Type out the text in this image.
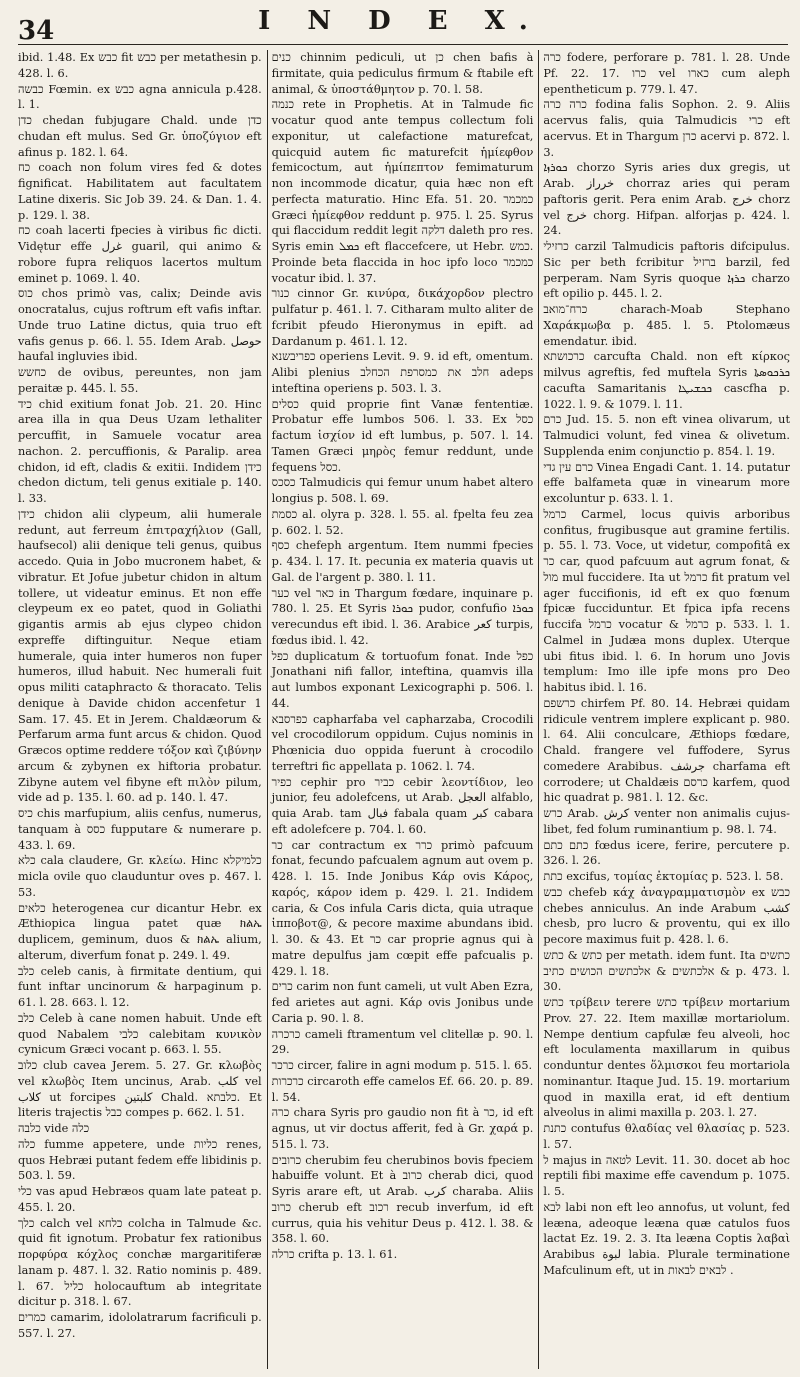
34	I N D E X.

ibid. 1.48. Ex כבש fit כבש per metathesin p. 428. l. 6.

כבשה Fœmin. ex כבש agna annicula p.428. l. 1.

כדן chedan fubjugare Chald. unde כדן chudan eft mulus. Sed Gr. ὑποζύγιον eft afinus p. 182. l. 64.

כח coach non folum vires fed & dotes fignificat. Habilitatem aut facultatem Latine dixeris. Sic Job 39. 24. & Dan. 1. 4. p. 129. l. 38.

כח coah lacerti fpecies à viribus fic dicti. Vidętur effe غرل guaril, qui animo & robore fupra reliquos lacertos multum eminet p. 1069. l. 40.

כוס chos primò vas, calix; Deinde avis onocratalus, cujus roftrum eft vafis inftar. Unde truo Latine dictus, quia truo eft vafis genus p. 66. l. 55. Idem Arab. حوصل haufal ingluvies ibid.

כחשש de ovibus, pereuntes, non jam peraitæ p. 445. l. 55.

כיד chid exitium fonat Job. 21. 20. Hinc area illa in qua Deus Uzam lethaliter percuffit, in Samuele vocatur area nachon. 2. percuffionis, & Paralip. area chidon, id eft, cladis & exitii. Indidem כידן chedon dictum, teli genus exitiale p. 140. l. 33.

כידן chidon alii clypeum, alii humerale redunt, aut ferreum ἐπιτραχήλιον (Gall, haufsecol) alii denique teli genus, quibus accedo. Quia in Jobo mucronem habet, & vibratur. Et Jofue jubetur chidon in altum tollere, ut videatur eminus. Et non effe cleypeum ex eo patet, quod in Goliathi gigantis armis ab ejus clypeo chidon expreffe diftinguitur. Neque etiam humerale, quia inter humeros non fuper humeros, illud habuit. Nec humerali fuit opus militi cataphracto & thoracato. Telis denique à Davide chidon accenfetur 1 Sam. 17. 45. Et in Jerem. Chaldæorum & Perfarum arma funt arcus & chidon. Quod Græcos optime reddere τόξον καὶ ζιβύνην arcum & zybynen ex hiftoria probatur. Zibyne autem vel fibyne eft πιλὸν pilum, vide ad p. 135. l. 60. ad p. 140. l. 47.

כיס chis marfupium, aliis cenfus, numerus, tanquam à כסס fupputare & numerare p. 433. l. 69.

כלא cala claudere, Gr. κλείω. Hinc כלמיקלא micla ovile quo clauduntur oves p. 467. l. 53.

כלאים heterogenea cur dicantur Hebr. ex Æthiopica lingua patet quæ ክልኤ duplicem, geminum, duos & ክልኤ alium, alterum, diverfum fonat p. 249. l. 49.

כלב celeb canis, à firmitate dentium, qui funt inftar uncinorum & harpaginum p. 61. l. 28. 663. l. 12.

כלב Celeb à cane nomen habuit. Unde eft quod Nabalem כלבי calebitam κυνικὸν cynicum Græci vocant p. 663. l. 55.

כלוב club cavea Jerem. 5. 27. Gr. κλωβὸς vel κλωβὸς Item uncinus, Arab. كلب vel كلاب ut forcipes كلبتين Chald. כלבתא. Et literis trajectis כבל compes p. 662. l. 51.

כלבה vide כלה

כלה fumme appetere, unde כליות renes, quos Hebræi putant fedem effe libidinis p. 503. l. 59.

כלי vas apud Hebræos quam late pateat p. 455. l. 20.

כלך calch vel כלחא colcha in Talmude &c. quid fit ignotum. Probatur fex rationibus πορφύρα κόχλος conchæ margaritiferæ lanam p. 487. l. 32. Ratio nominis p. 489. l. 67. כליל holocauftum ab integritate dicitur p. 318. l. 67.

כמרים camarim, idololatrarum facrificuli p. 557. l. 27.

כנים chinnim pediculi, ut כן chen bafis à firmitate, quia pediculus firmum & ftabile eft animal, & ὑποστάθμητον p. 70. l. 58.

כנמה rete in Prophetis. At in Talmude fic vocatur quod ante tempus collectum foli exponitur, ut calefactione maturefcat, quicquid autem fic maturefcit ἡμίεφθον femicoctum, aut ἡμίπεπτον femimaturum non incommode dicatur, quia hæc non eft perfecta maturatio. Hinc Efa. 51. 20. כמכמר Græci ἡμίεφθον reddunt p. 975. l. 25. Syrus qui flaccidum reddit legit דלקה daleth pro res. Syris emin ܟܡܠ eft flaccefcere, ut Hebr. כמש. Proinde beta flaccida in hoc ipfo loco כמכמר vocatur ibid. l. 37.

כנור cinnor Gr. κινύρα, δικάχορδον plectro pulfatur p. 461. l. 7. Citharam multo aliter de fcribit pfeudo Hieronymus in epift. ad Dardanum p. 461. l. 12.

כפריבשנא operiens Levit. 9. 9. id eft, omentum. Alibi plenius חלב את כמסרפת הכחלב adeps inteftina operiens p. 503. l. 3.

כסלים quid proprie fint Vanæ fententiæ. Probatur effe lumbos 506. l. 33. Ex כסל factum ἰσχίον id eft lumbus, p. 507. l. 14. Tamen Græci μηρὸς femur reddunt, unde fequens כסל.

כסכס Talmudicis qui femur unum habet alterо longius p. 508. l. 69.

כסמת al. olyra p. 328. l. 55. al. fpelta feu zea p. 602. l. 52.

כסף chefeph argentum. Item nummi fpecies p. 434. l. 17. It. pecunia ex materia quavis ut Gal. de l'argent p. 380. l. 11.

כער vel כאר in Thargum fœdare, inquinare p. 780. l. 25. Et Syris ܟܘܪܐ pudor, confufio ܟܘܪܐ verecundus eft ibid. l. 36. Arabice كعر turpis, fœdus ibid. l. 42.

כפל duplicatum & tortuofum fonat. Inde כפל Jonathani nifi fallor, inteftina, quamvis illa aut lumbos exponant Lexicographi p. 506. l. 44.

כפרסבא capharfaba vel capharzaba, Crocodili vel crocodilorum oppidum. Cujus nominis in Phœnicia duo oppida fuerunt à crocodilo terreftri fic appellata p. 1062. l. 74.

כפיר cephir pro כביר cebir λεοντίδιον, leo junior, feu adolefcens, ut Arab. العجل alfablo, quia Arab. tam فبال fabala quam كبر cabara eft adolefcere p. 704. l. 60.

כר car contractum ex כרר primò pafcuum fonat, fecundo pafcualem agnum aut ovem p. 428. l. 15. Inde Jonibus Κάρ ovis Κάρος, καρός, κάρον idem p. 429. l. 21. Indidem caria, & Cos infula Caris dicta, quia utraque ἰπποβοτ@, & pecore maxime abundans ibid. l. 30. & 43. Et כר car proprie agnus qui à matre depulfus jam cœpit effe pafcualis p. 429. l. 18.

כרים carim non funt cameli, ut vult Aben Ezra, fed arietes aut agni. Κάρ ovis Jonibus unde Caria p. 90. l. 8.

כרכרה cameli ftramentum vel clitellæ p. 90. l. 29.

כרכר circer, falire in agni modum p. 515. l. 65.

כרכרות circaroth effe camelos Ef. 66. 20. p. 89. l. 54.

כרה chara Syris pro gaudio non fit à כר, id eft agnus, ut vir doctus afferit, fed à Gr. χαρά p. 515. l. 73.

כרובים cherubim feu cherubinos bovis fpeciem habuiffe volunt. Et à כרוב cherab dici, quod Syris arare eft, ut Arab. كرب charaba. Aliis כרוב cherub eft רכוב recub inverfum, id eft currus, quia his vehitur Deus p. 412. l. 38. & 358. l. 60.

כרלה crifta p. 13. l. 61.

כרה fodere, perforare p. 781. l. 28. Unde Pf. 22. 17. כרו vel כארו cum aleph epentheticum p. 779. l. 47.

כרה כרה fodina falis Sophon. 2. 9. Aliis acervus falis, quia Talmudicis כרי eft acervus. Et in Thargum כרן acervi p. 872. l. 3.

ܟܘܪܙܐ chorzo Syris aries dux gregis, ut Arab. خرراز chorraz aries qui peram paftoris gerit. Pera enim Arab. خرج chorz vel خرج chorg. Hifpan. alforjas p. 424. l. 24.

כרזילי carzil Talmudicis paftoris difcipulus. Sic per beth fcribitur ברזיל barzil, fed perperam. Nam Syris quoque ܟܪܙܐ charzo eft opilio p. 445. l. 2.

כרח־מואב charach-Moab Stephano Χαράκμωβα p. 485. l. 5. Ptolomæus emendatur. ibid.

כרכושתא carcufta Chald. non eft κίρκος milvus agreftis, fed muftela Syris ܟܪܟܘܣܬܐ cacufta Samaritanis ܟܟܫܝܛܐ cascfha p. 1022. l. 9. & 1079. l. 11.

כרם Jud. 15. 5. non eft vinea olivarum, ut Talmudici volunt, fed vinea & olivetum. Supplenda enim conjunctio p. 854. l. 19.

כרם עין גדי Vinea Engadi Cant. 1. 14. putatur effe balfameta quæ in vinearum more excoluntur p. 633. l. 1.

כרמל Carmel, locus quivis arboribus confitus, frugibusque aut gramine fertilis. p. 55. l. 73. Voce, ut videtur, compofitâ ex כר car, quod pafcuum aut agrum fonat, & מול mul fuccidere. Ita ut כרמל fit pratum vel ager fuccifionis, id eft ex quo fœnum fpicæ fucciduntur. Et fpica ipfa recens fuccifa כרמל vocatur & כרמל p. 533. l. 1. Calmel in Judæa mons duplex. Uterque ubi fitus ibid. l. 6. In horum uno Jovis templum: Imo ille ipfe mons pro Deo habitus ibid. l. 16.

כרשפם chirfem Pf. 80. 14. Hebræi quidam ridicule ventrem implere explicant p. 980. l. 64. Alii conculcare, Æthiops fœdare, Chald. frangere vel fuffodere, Syrus comedere Arabibus. جرشف charfama eft corrodere; ut Chaldæis כרסם karfem, quod hic quadrat p. 981. l. 12. &c.

כרש Arab. كرش venter non animalis cujus-libet, fed folum ruminantium p. 98. l. 74.

כתם כתם fœdus icere, ferire, percutere p. 326. l. 26.

כתת excifus, τομίας ἐκτομίας p. 523. l. 58.

כבש chefeb κάχ ἀναγραμματισμὸν ex כבש chebes anniculus. An inde Arabum كشب chesb, pro lucro & proventu, qui ex illo pecore maximus fuit p. 428. l. 6.

כתש & כתש per metath. idem funt. Ita כתשים & אלכתשים & אלכתשים הכושים כתיב p. 473. l. 30.

כתש τρίβειν terere כתש τρίβειν mortarium Prov. 27. 22. Item maxillæ mortariolum. Nempe dentium capfulæ feu alveoli, hoc eft loculamenta maxillarum in quibus conduntur dentes ὅλμισκοι feu mortariola nominantur. Itaque Jud. 15. 19. mortarium quod in maxilla erat, id eft dentium alveolus in alimi maxilla p. 203. l. 27.

כתנת contufus θλαδίας vel θλασίας p. 523. l. 57.

ל majus in לטאה Levit. 11. 30. docet ab hoc reptili fibi maxime effe cavendum p. 1075. l. 5.

לבא labi non eft leo annofus, ut volunt, fed leæna, adeoque leæna quæ catulos fuos lactat Ez. 19. 2. 3. Ita leæna Coptis λαβαὶ Arabibus لبوة labia. Plurale terminatione Mafculinum eft, ut in לבאים לבאות .
